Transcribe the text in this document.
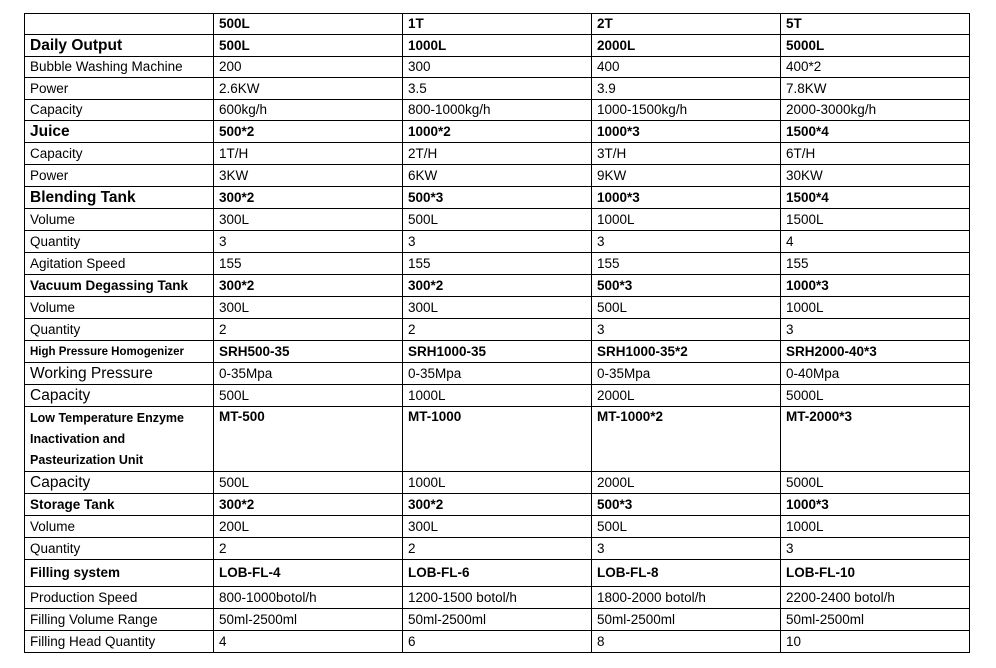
	500L	1T	2T	5T
Daily Output	500L	1000L	2000L	5000L
Bubble Washing Machine	200	300	400	400*2
Power	2.6KW	3.5	3.9	7.8KW
Capacity	600kg/h	800-1000kg/h	1000-1500kg/h	2000-3000kg/h
Juice	500*2	1000*2	1000*3	1500*4
Capacity	1T/H	2T/H	3T/H	6T/H
Power	3KW	6KW	9KW	30KW
Blending Tank	300*2	500*3	1000*3	1500*4
Volume	300L	500L	1000L	1500L
Quantity	3	3	3	4
Agitation Speed	155	155	155	155
Vacuum Degassing Tank	300*2	300*2	500*3	1000*3
Volume	300L	300L	500L	1000L
Quantity	2	2	3	3
High Pressure Homogenizer	SRH500-35	SRH1000-35	SRH1000-35*2	SRH2000-40*3
Working Pressure	0-35Mpa	0-35Mpa	0-35Mpa	0-40Mpa
Capacity	500L	1000L	2000L	5000L
Low Temperature Enzyme Inactivation and Pasteurization Unit	MT-500	MT-1000	MT-1000*2	MT-2000*3
Capacity	500L	1000L	2000L	5000L
Storage Tank	300*2	300*2	500*3	1000*3
Volume	200L	300L	500L	1000L
Quantity	2	2	3	3
Filling system	LOB-FL-4	LOB-FL-6	LOB-FL-8	LOB-FL-10
Production Speed	800-1000botol/h	1200-1500 botol/h	1800-2000 botol/h	2200-2400 botol/h
Filling Volume Range	50ml-2500ml	50ml-2500ml	50ml-2500ml	50ml-2500ml
Filling Head Quantity	4	6	8	10
